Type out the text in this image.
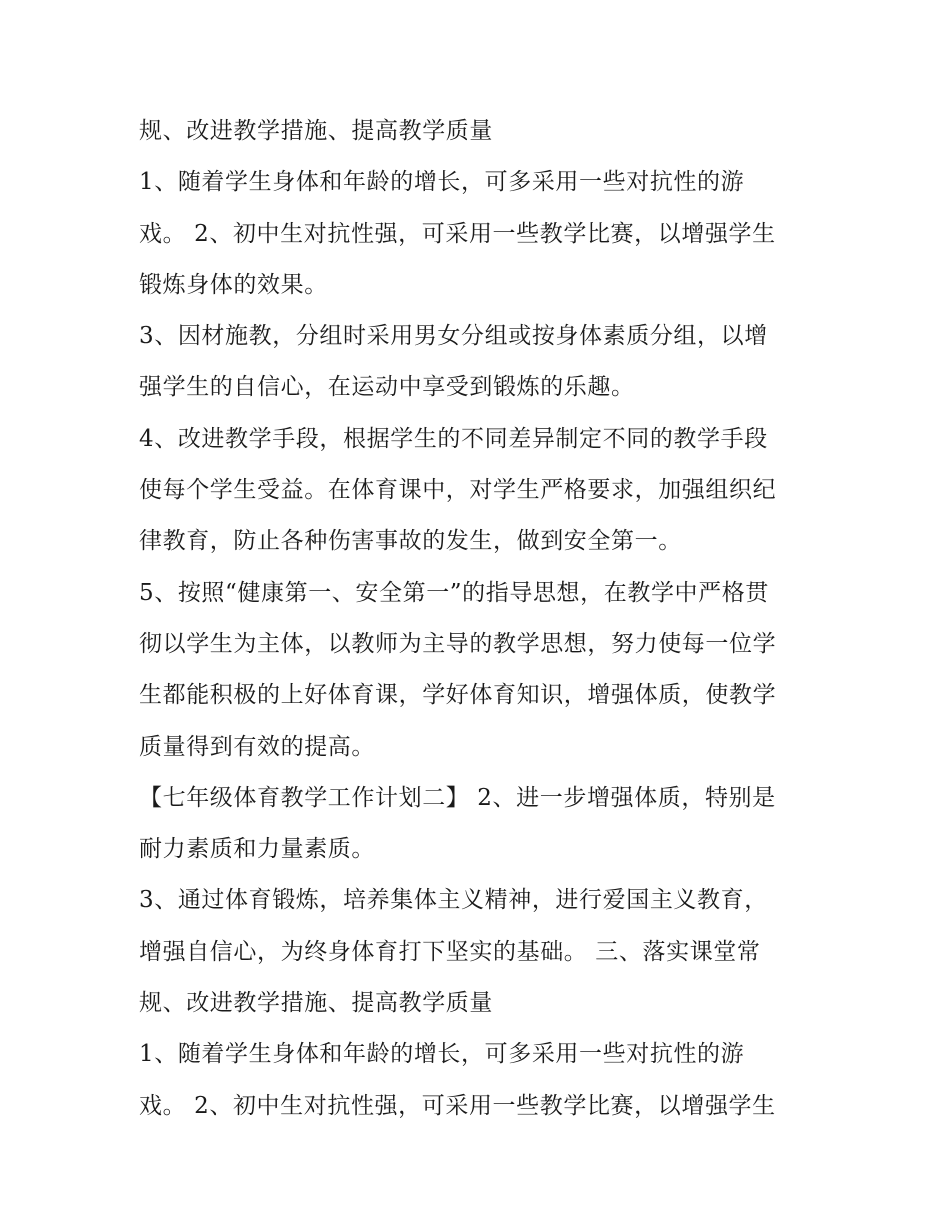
规、改进教学措施、提高教学质量
1、随着学生身体和年龄的增长，可多采用一些对抗性的游
戏。 2、初中生对抗性强，可采用一些教学比赛，以增强学生
锻炼身体的效果。
3、因材施教，分组时采用男女分组或按身体素质分组，以增
强学生的自信心，在运动中享受到锻炼的乐趣。
4、改进教学手段，根据学生的不同差异制定不同的教学手段
使每个学生受益。在体育课中，对学生严格要求，加强组织纪
律教育，防止各种伤害事故的发生，做到安全第一。
5、按照“健康第一、安全第一”的指导思想，在教学中严格贯
彻以学生为主体，以教师为主导的教学思想，努力使每一位学
生都能积极的上好体育课，学好体育知识，增强体质，使教学
质量得到有效的提高。
【七年级体育教学工作计划二】 2、进一步增强体质，特别是
耐力素质和力量素质。
3、通过体育锻炼，培养集体主义精神，进行爱国主义教育，
增强自信心，为终身体育打下坚实的基础。 三、落实课堂常
规、改进教学措施、提高教学质量
1、随着学生身体和年龄的增长，可多采用一些对抗性的游
戏。 2、初中生对抗性强，可采用一些教学比赛，以增强学生
